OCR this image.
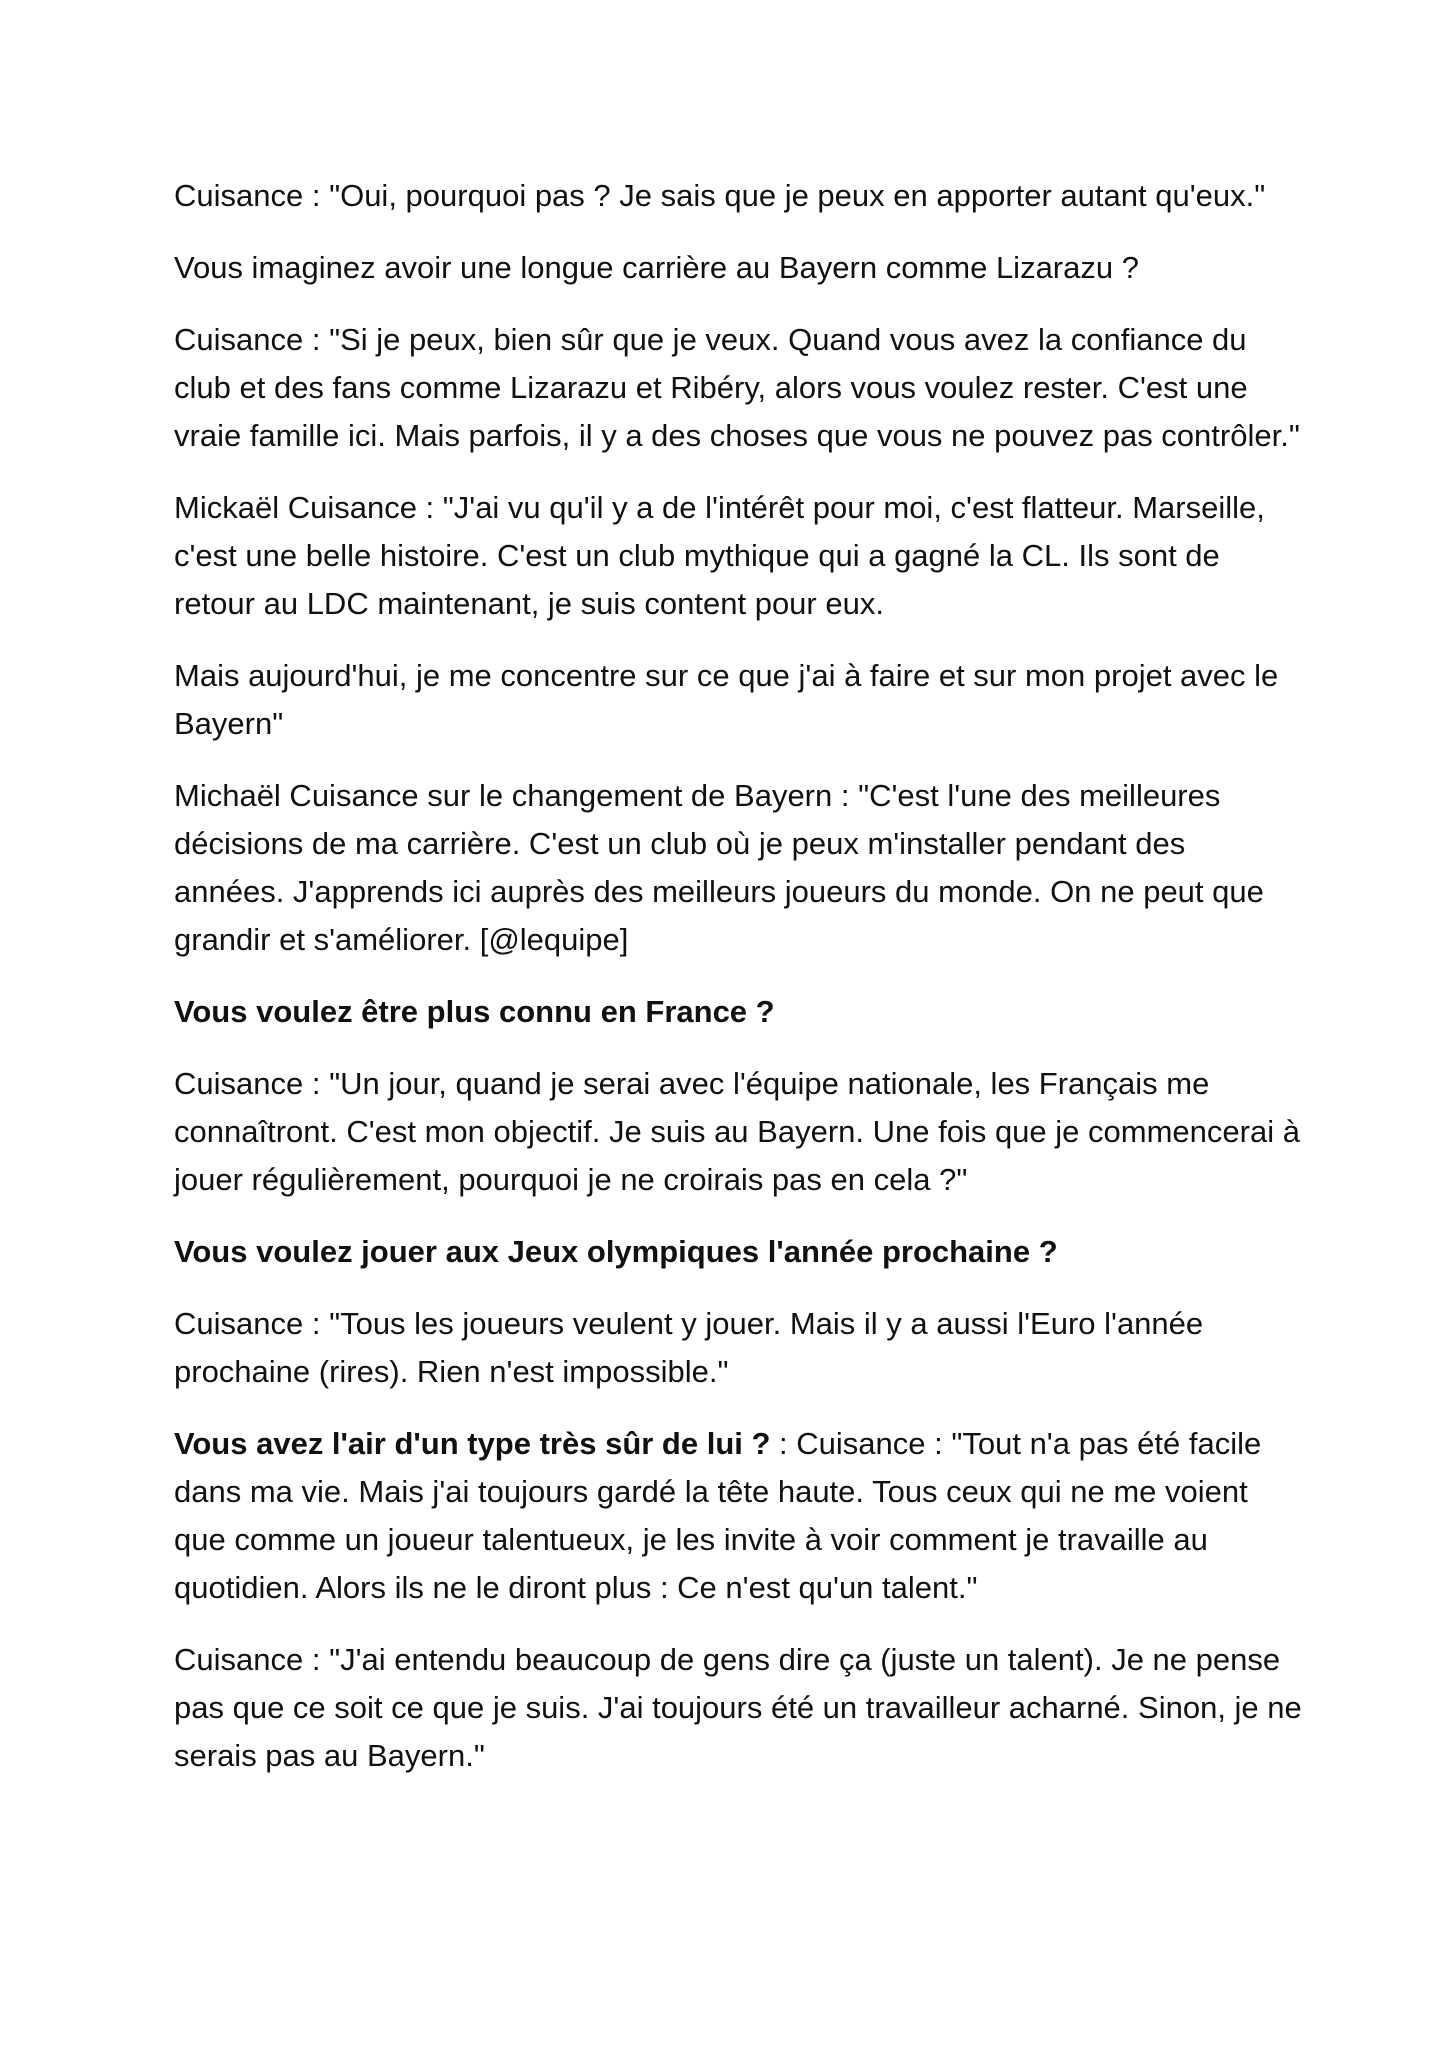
Cuisance : "Oui, pourquoi pas ? Je sais que je peux en apporter autant qu'eux."

Vous imaginez avoir une longue carrière au Bayern comme Lizarazu ?

Cuisance : "Si je peux, bien sûr que je veux. Quand vous avez la confiance du club et des fans comme Lizarazu et Ribéry, alors vous voulez rester. C'est une vraie famille ici. Mais parfois, il y a des choses que vous ne pouvez pas contrôler."

Mickaël Cuisance : "J'ai vu qu'il y a de l'intérêt pour moi, c'est flatteur. Marseille, c'est une belle histoire. C'est un club mythique qui a gagné la CL. Ils sont de retour au LDC maintenant, je suis content pour eux.

Mais aujourd'hui, je me concentre sur ce que j'ai à faire et sur mon projet avec le Bayern"

Michaël Cuisance sur le changement de Bayern : "C'est l'une des meilleures décisions de ma carrière. C'est un club où je peux m'installer pendant des années. J'apprends ici auprès des meilleurs joueurs du monde. On ne peut que grandir et s'améliorer. [@lequipe]

Vous voulez être plus connu en France ?

Cuisance : "Un jour, quand je serai avec l'équipe nationale, les Français me connaîtront. C'est mon objectif. Je suis au Bayern. Une fois que je commencerai à jouer régulièrement, pourquoi je ne croirais pas en cela ?"

Vous voulez jouer aux Jeux olympiques l'année prochaine ?

Cuisance : "Tous les joueurs veulent y jouer. Mais il y a aussi l'Euro l'année prochaine (rires). Rien n'est impossible."

Vous avez l'air d'un type très sûr de lui ? : Cuisance : "Tout n'a pas été facile dans ma vie. Mais j'ai toujours gardé la tête haute. Tous ceux qui ne me voient que comme un joueur talentueux, je les invite à voir comment je travaille au quotidien. Alors ils ne le diront plus : Ce n'est qu'un talent."

Cuisance : "J'ai entendu beaucoup de gens dire ça (juste un talent). Je ne pense pas que ce soit ce que je suis. J'ai toujours été un travailleur acharné. Sinon, je ne serais pas au Bayern."
